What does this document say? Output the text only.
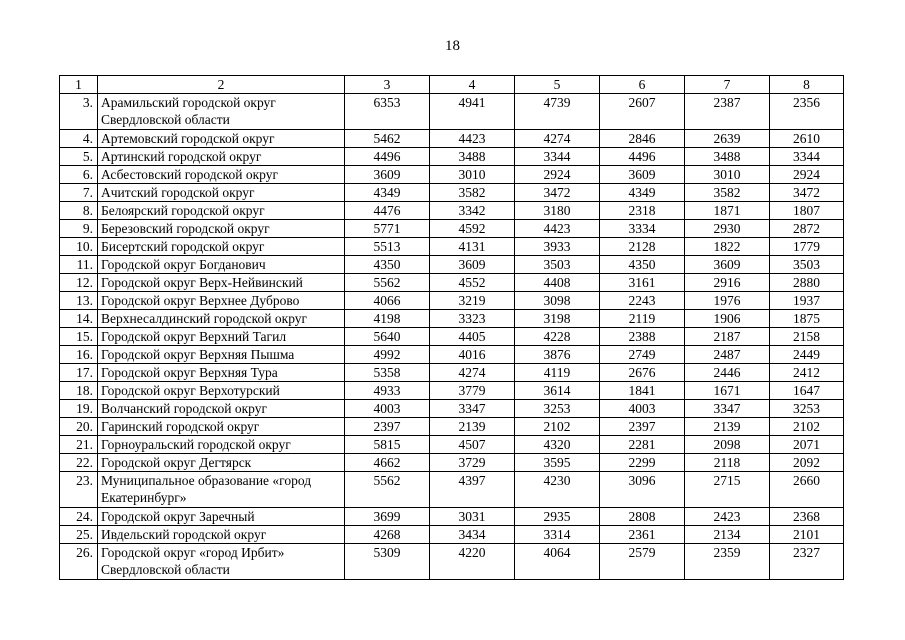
18
1	2	3	4	5	6	7	8
3.	Арамильский городской округ Свердловской области	6353	4941	4739	2607	2387	2356
4.	Артемовский городской округ	5462	4423	4274	2846	2639	2610
5.	Артинский городской округ	4496	3488	3344	4496	3488	3344
6.	Асбестовский городской округ	3609	3010	2924	3609	3010	2924
7.	Ачитский городской округ	4349	3582	3472	4349	3582	3472
8.	Белоярский городской округ	4476	3342	3180	2318	1871	1807
9.	Березовский городской округ	5771	4592	4423	3334	2930	2872
10.	Бисертский городской округ	5513	4131	3933	2128	1822	1779
11.	Городской округ Богданович	4350	3609	3503	4350	3609	3503
12.	Городской округ Верх-Нейвинский	5562	4552	4408	3161	2916	2880
13.	Городской округ Верхнее Дуброво	4066	3219	3098	2243	1976	1937
14.	Верхнесалдинский городской округ	4198	3323	3198	2119	1906	1875
15.	Городской округ Верхний Тагил	5640	4405	4228	2388	2187	2158
16.	Городской округ Верхняя Пышма	4992	4016	3876	2749	2487	2449
17.	Городской округ Верхняя Тура	5358	4274	4119	2676	2446	2412
18.	Городской округ Верхотурский	4933	3779	3614	1841	1671	1647
19.	Волчанский городской округ	4003	3347	3253	4003	3347	3253
20.	Гаринский городской округ	2397	2139	2102	2397	2139	2102
21.	Горноуральский городской округ	5815	4507	4320	2281	2098	2071
22.	Городской округ Дегтярск	4662	3729	3595	2299	2118	2092
23.	Муниципальное образование «город Екатеринбург»	5562	4397	4230	3096	2715	2660
24.	Городской округ Заречный	3699	3031	2935	2808	2423	2368
25.	Ивдельский городской округ	4268	3434	3314	2361	2134	2101
26.	Городской округ «город Ирбит» Свердловской области	5309	4220	4064	2579	2359	2327
